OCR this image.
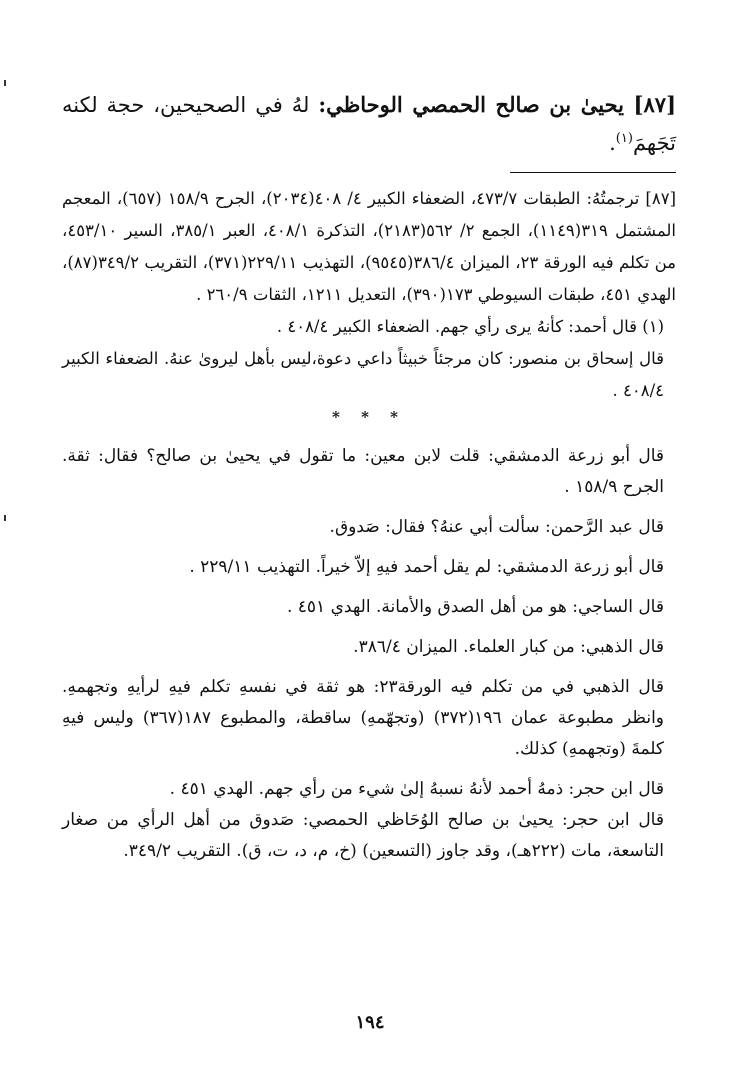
[٨٧] يحيىٰ بن صالح الحمصي الوحاظي: لهُ في الصحيحين، حجة لكنه تَجَهمَ$^{(١)}$.

[٨٧] ترجمتُهُ: الطبقات ٤٧٣/٧، الضعفاء الكبير ٤/ ٤٠٨(٢٠٣٤)، الجرح ١٥٨/٩ (٦٥٧)، المعجم المشتمل ٣١٩(١١٤٩)، الجمع ٢/ ٥٦٢(٢١٨٣)، التذكرة ٤٠٨/١، العبر ٣٨٥/١، السير ٤٥٣/١٠، من تكلم فيه الورقة ٢٣، الميزان ٣٨٦/٤(٩٥٤٥)، التهذيب ٢٢٩/١١(٣٧١)، التقريب ٣٤٩/٢(٨٧)، الهدي ٤٥١، طبقات السيوطي ١٧٣(٣٩٠)، التعديل ١٢١١، الثقات ٢٦٠/٩ .

(١) قال أحمد: كأنهُ يرى رأي جهم. الضعفاء الكبير ٤٠٨/٤ .

قال إسحاق بن منصور: كان مرجئاً خبيثاً داعي دعوة،ليس بأهل ليروىٰ عنهُ. الضعفاء الكبير ٤٠٨/٤ .

* * *

قال أبو زرعة الدمشقي: قلت لابن معين: ما تقول في يحيىٰ بن صالح؟ فقال: ثقة. الجرح ١٥٨/٩ .

قال عبد الرَّحمن: سألت أبي عنهُ؟ فقال: صَدوق.

قال أبو زرعة الدمشقي: لم يقل أحمد فيهِ إلاّ خيراً. التهذيب ٢٢٩/١١ .

قال الساجي: هو من أهل الصدق والأمانة. الهدي ٤٥١ .

قال الذهبي: من كبار العلماء. الميزان ٣٨٦/٤.

قال الذهبي في من تكلم فيه الورقة٢٣: هو ثقة في نفسهِ تكلم فيهِ لرأيهِ وتجهمهِ. وانظر مطبوعة عمان ١٩٦(٣٧٢) (وتجهّمهِ) ساقطة، والمطبوع ١٨٧(٣٦٧) وليس فيهِ كلمةَ (وتجهمهِ) كذلك.

قال ابن حجر: ذمهُ أحمد لأنهُ نسبهُ إلىٰ شيء من رأي جهم. الهدي ٤٥١ .

قال ابن حجر: يحيىٰ بن صالح الوُحَاظي الحمصي: صَدوق من أهل الرأي من صغار التاسعة، مات (٢٢٢هـ)، وقد جاوز (التسعين) (خ، م، د، ت، ق). التقريب ٣٤٩/٢.

١٩٤
